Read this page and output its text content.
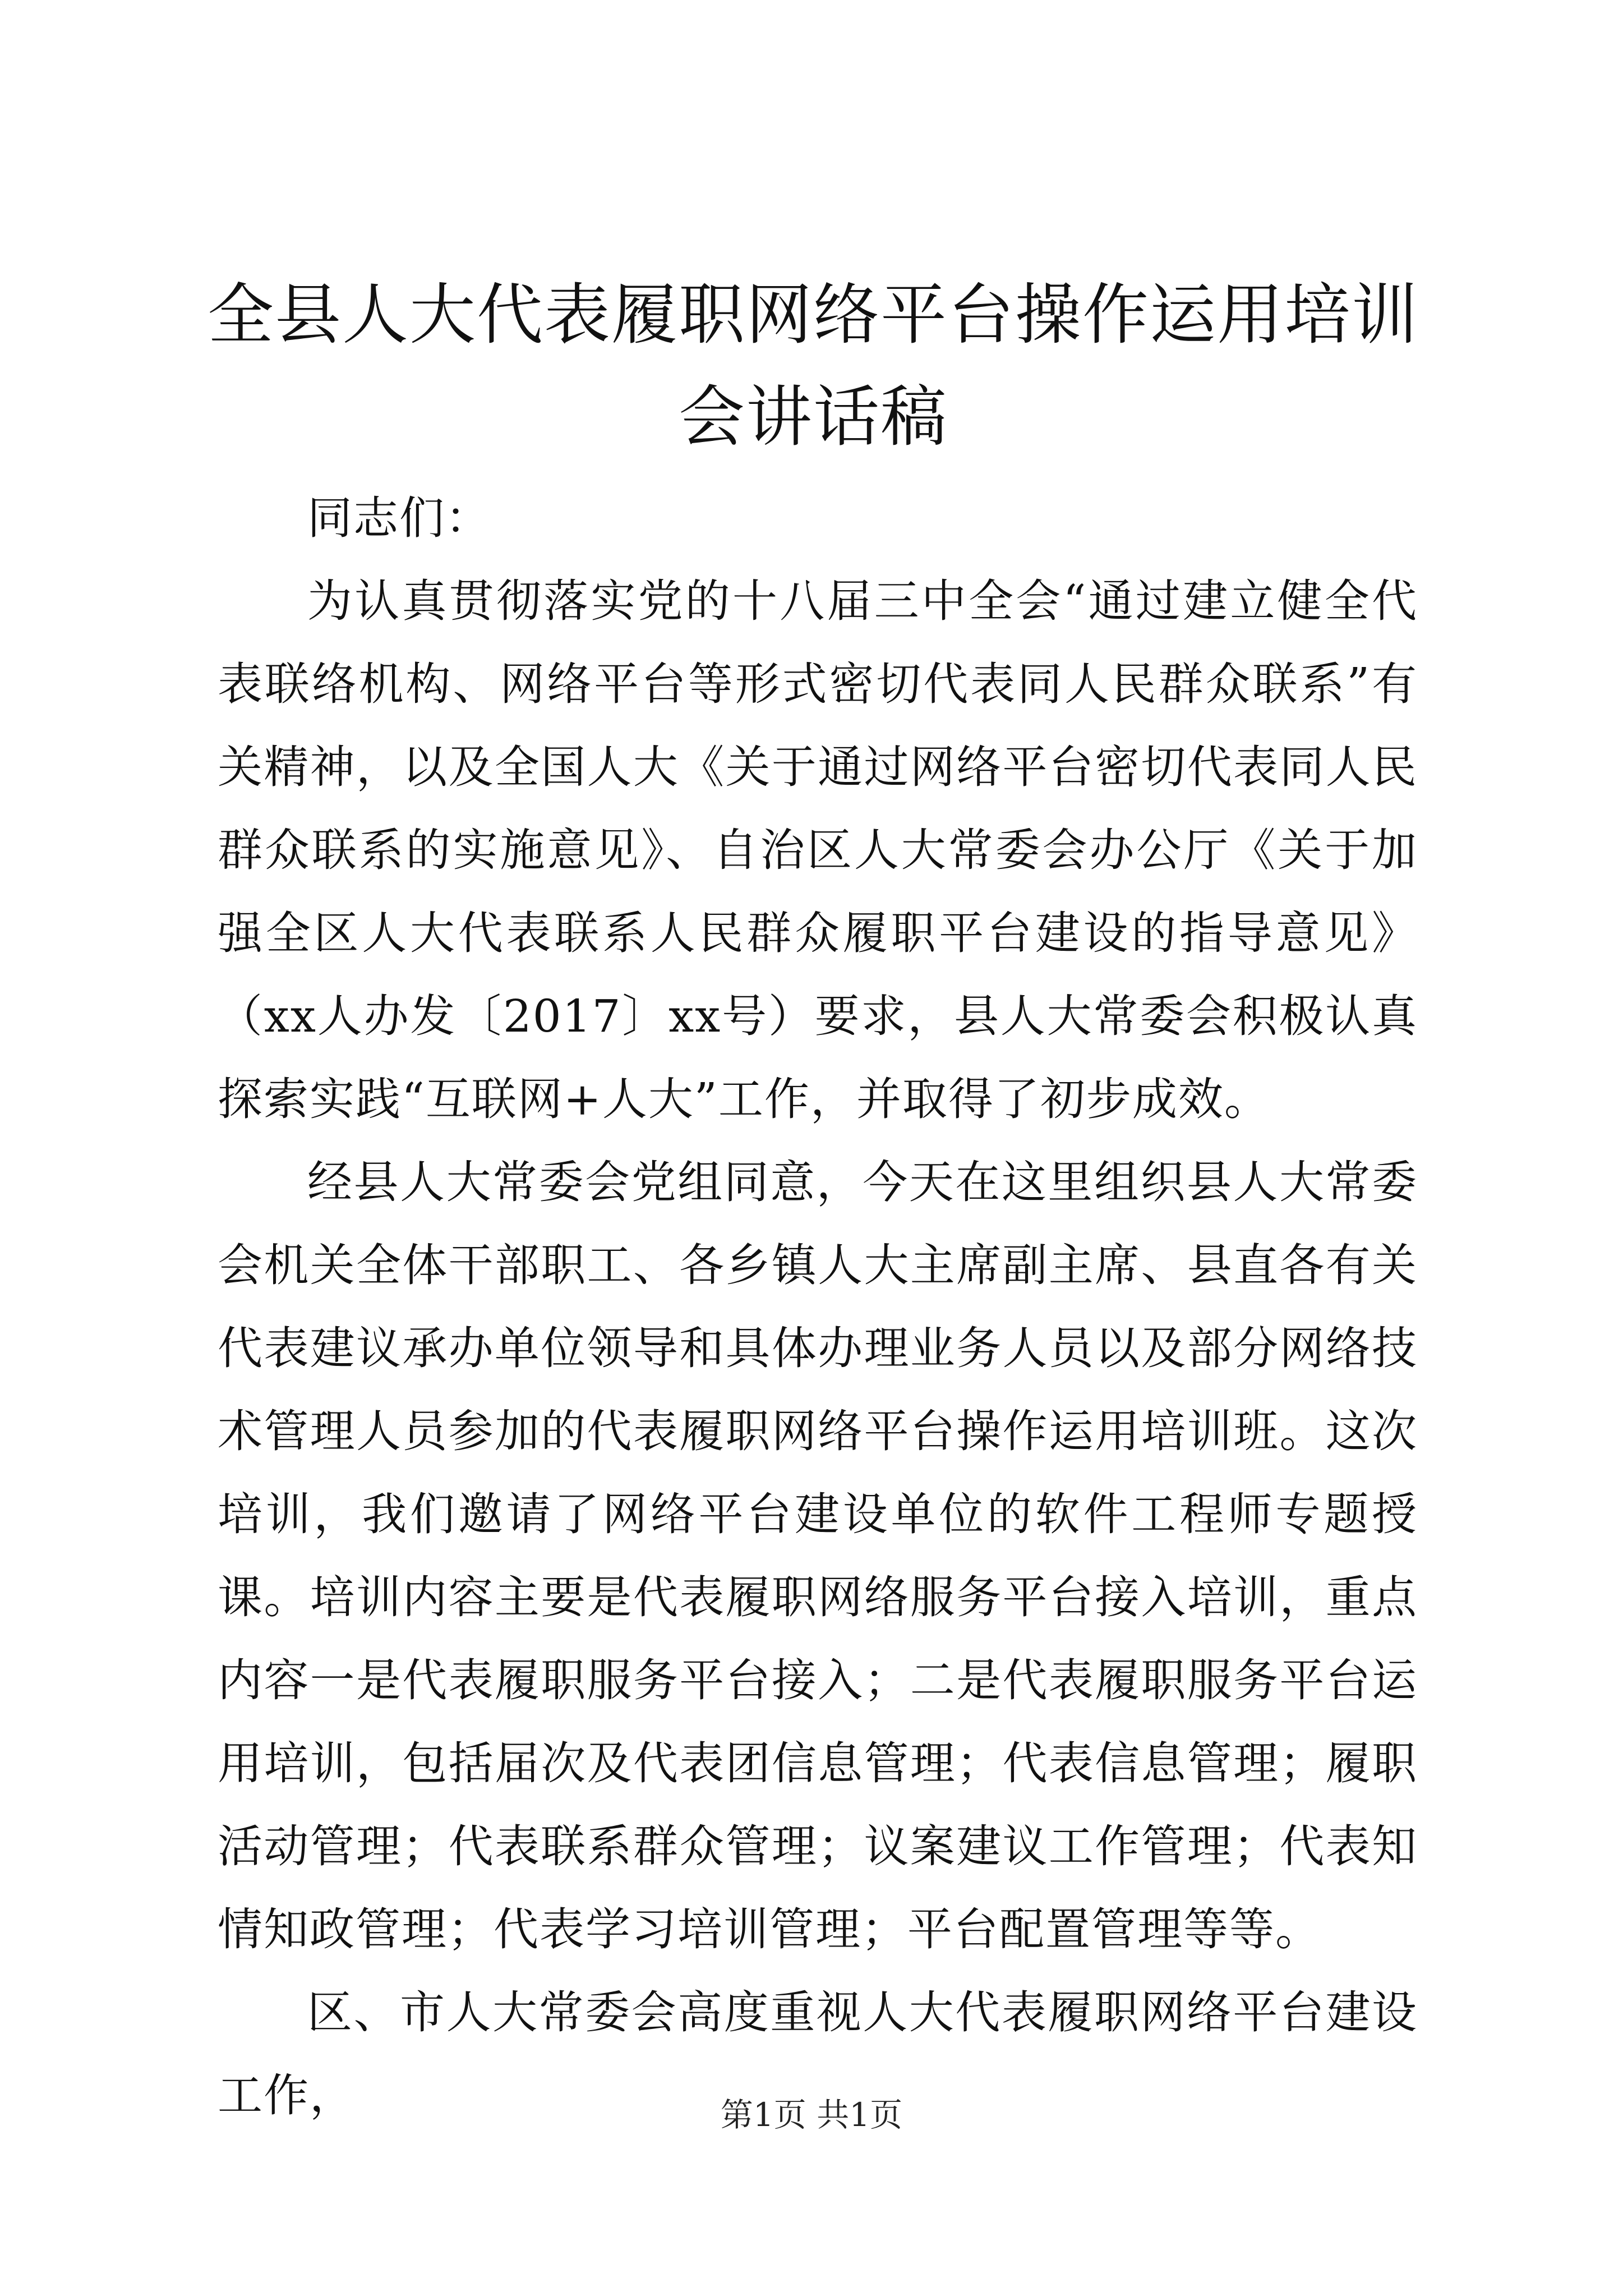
全县人大代表履职网络平台操作运用培训会讲话稿

同志们：

为认真贯彻落实党的十八届三中全会“通过建立健全代表联络机构、网络平台等形式密切代表同人民群众联系”有关精神，以及全国人大《关于通过网络平台密切代表同人民群众联系的实施意见》、自治区人大常委会办公厅《关于加强全区人大代表联系人民群众履职平台建设的指导意见》（xx人办发〔2017〕xx号）要求，县人大常委会积极认真探索实践“互联网+人大”工作，并取得了初步成效。

经县人大常委会党组同意，今天在这里组织县人大常委会机关全体干部职工、各乡镇人大主席副主席、县直各有关代表建议承办单位领导和具体办理业务人员以及部分网络技术管理人员参加的代表履职网络平台操作运用培训班。这次培训，我们邀请了网络平台建设单位的软件工程师专题授课。培训内容主要是代表履职网络服务平台接入培训，重点内容一是代表履职服务平台接入；二是代表履职服务平台运用培训，包括届次及代表团信息管理；代表信息管理；履职活动管理；代表联系群众管理；议案建议工作管理；代表知情知政管理；代表学习培训管理；平台配置管理等等。

区、市人大常委会高度重视人大代表履职网络平台建设工作，	第1页 共1页
